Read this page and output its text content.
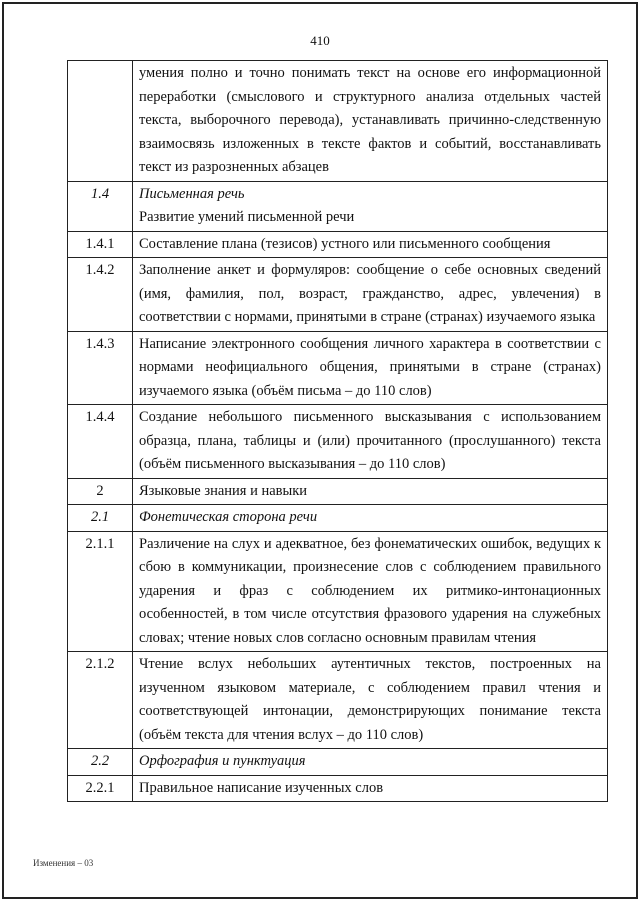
410
	умения полно и точно понимать текст на основе его информационной переработки (смыслового и структурного анализа отдельных частей текста, выборочного перевода), устанавливать причинно-следственную взаимосвязь изложенных в тексте фактов и событий, восстанавливать текст из разрозненных абзацев
1.4	Письменная речь
Развитие умений письменной речи

1.4.1	Составление плана (тезисов) устного или письменного сообщения
1.4.2	Заполнение анкет и формуляров: сообщение о себе основных сведений (имя, фамилия, пол, возраст, гражданство, адрес, увлечения) в соответствии с нормами, принятыми в стране (странах) изучаемого языка
1.4.3	Написание электронного сообщения личного характера в соответствии с нормами неофициального общения, принятыми в стране (странах) изучаемого языка (объём письма – до 110 слов)
1.4.4	Создание небольшого письменного высказывания с использованием образца, плана, таблицы и (или) прочитанного (прослушанного) текста (объём письменного высказывания – до 110 слов)
2	Языковые знания и навыки
2.1	Фонетическая сторона речи
2.1.1	Различение на слух и адекватное, без фонематических ошибок, ведущих к сбою в коммуникации, произнесение слов с соблюдением правильного ударения и фраз с соблюдением их ритмико-интонационных особенностей, в том числе отсутствия фразового ударения на служебных словах; чтение новых слов согласно основным правилам чтения
2.1.2	Чтение вслух небольших аутентичных текстов, построенных на изученном языковом материале, с соблюдением правил чтения и соответствующей интонации, демонстрирующих понимание текста (объём текста для чтения вслух – до 110 слов)
2.2	Орфография и пунктуация
2.2.1	Правильное написание изученных слов
Изменения – 03
